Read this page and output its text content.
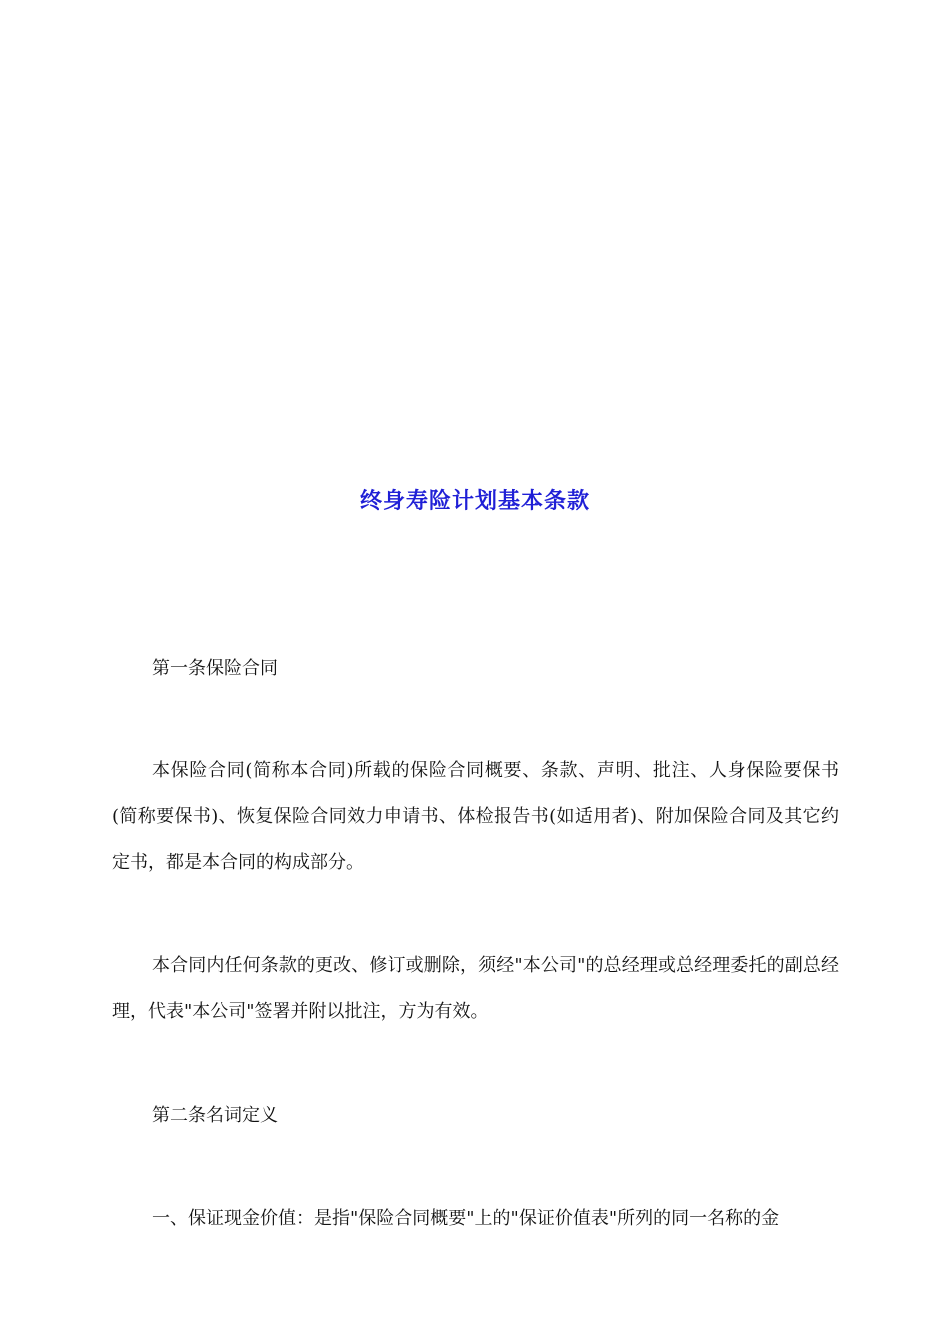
终身寿险计划基本条款

第一条保险合同

本保险合同(简称本合同)所载的保险合同概要、条款、声明、批注、人身保险要保书(简称要保书)、恢复保险合同效力申请书、体检报告书(如适用者)、附加保险合同及其它约定书，都是本合同的构成部分。

本合同内任何条款的更改、修订或删除，须经"本公司"的总经理或总经理委托的副总经理，代表"本公司"签署并附以批注，方为有效。

第二条名词定义

一、保证现金价值：是指"保险合同概要"上的"保证价值表"所列的同一名称的金
